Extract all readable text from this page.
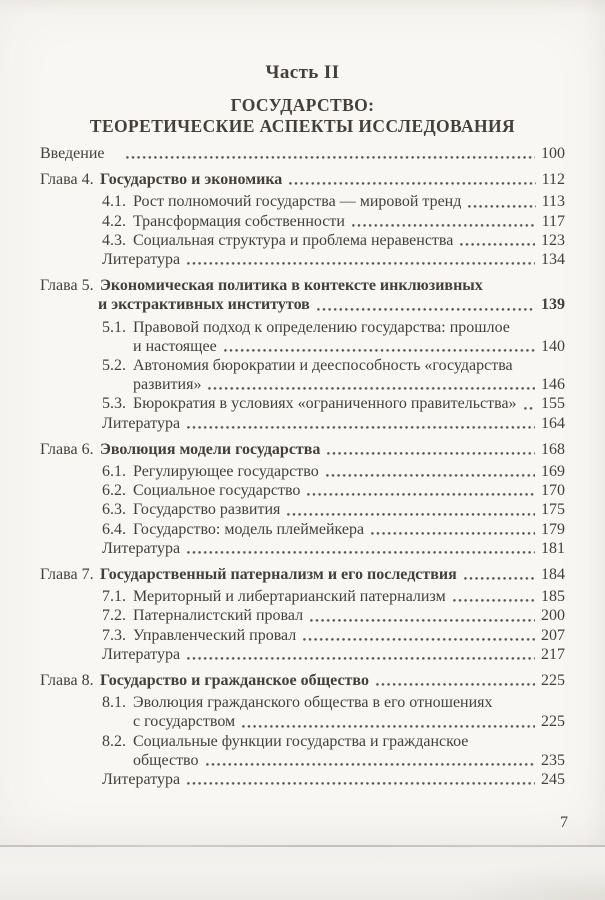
Часть II
ГОСУДАРСТВО:
ТЕОРЕТИЧЕСКИЕ АСПЕКТЫ ИССЛЕДОВАНИЯ
Введение	100
Глава 4. Государство и экономика	112
4.1. Рост полномочий государства — мировой тренд	113
4.2. Трансформация собственности	117
4.3. Социальная структура и проблема неравенства	123
Литература	134
Глава 5. Экономическая политика в контексте инклюзивных
и экстрактивных институтов	139
5.1. Правовой подход к определению государства: прошлое
и настоящее	140
5.2. Автономия бюрократии и дееспособность «государства
развития»	146
5.3. Бюрократия в условиях «ограниченного правительства» 155
Литература	164
Глава 6. Эволюция модели государства	168
6.1. Регулирующее государство	169
6.2. Социальное государство	170
6.3. Государство развития	175
6.4. Государство: модель плеймейкера	179
Литература	181
Глава 7. Государственный патернализм и его последствия	184
7.1. Мериторный и либертарианский патернализм	185
7.2. Патерналистский провал	200
7.3. Управленческий провал	207
Литература	217
Глава 8. Государство и гражданское общество	225
8.1. Эволюция гражданского общества в его отношениях
с государством	225
8.2. Социальные функции государства и гражданское
общество	235
Литература	245
7
